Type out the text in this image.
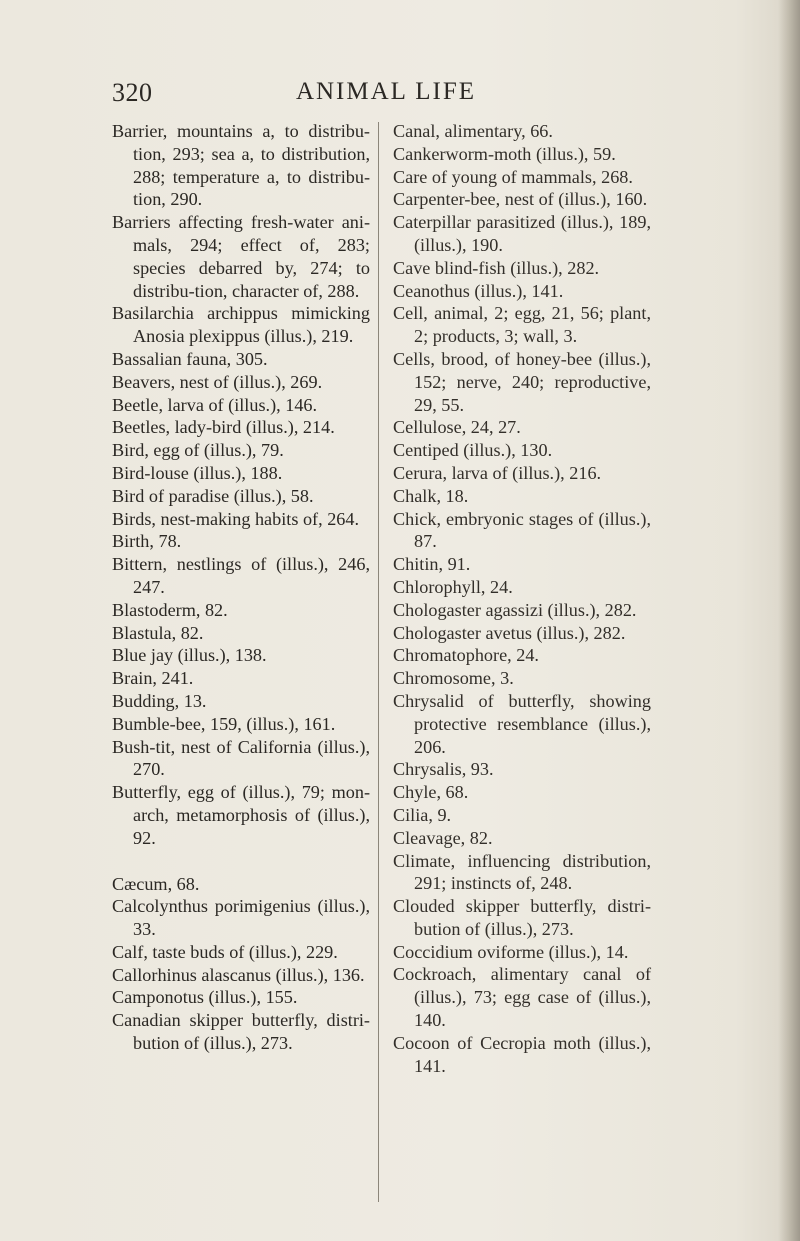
320	ANIMAL LIFE

Barrier, mountains a, to distribu-tion, 293; sea a, to distribution, 288; temperature a, to distribu-tion, 290.

Barriers affecting fresh-water ani-mals, 294; effect of, 283; species debarred by, 274; to distribu-tion, character of, 288.

Basilarchia archippus mimicking Anosia plexippus (illus.), 219.

Bassalian fauna, 305.

Beavers, nest of (illus.), 269.

Beetle, larva of (illus.), 146.

Beetles, lady-bird (illus.), 214.

Bird, egg of (illus.), 79.

Bird-louse (illus.), 188.

Bird of paradise (illus.), 58.

Birds, nest-making habits of, 264.

Birth, 78.

Bittern, nestlings of (illus.), 246, 247.

Blastoderm, 82.

Blastula, 82.

Blue jay (illus.), 138.

Brain, 241.

Budding, 13.

Bumble-bee, 159, (illus.), 161.

Bush-tit, nest of California (illus.), 270.

Butterfly, egg of (illus.), 79; mon-arch, metamorphosis of (illus.), 92.

Cæcum, 68.

Calcolynthus porimigenius (illus.), 33.

Calf, taste buds of (illus.), 229.

Callorhinus alascanus (illus.), 136.

Camponotus (illus.), 155.

Canadian skipper butterfly, distri-bution of (illus.), 273.

Canal, alimentary, 66.

Cankerworm-moth (illus.), 59.

Care of young of mammals, 268.

Carpenter-bee, nest of (illus.), 160.

Caterpillar parasitized (illus.), 189, (illus.), 190.

Cave blind-fish (illus.), 282.

Ceanothus (illus.), 141.

Cell, animal, 2; egg, 21, 56; plant, 2; products, 3; wall, 3.

Cells, brood, of honey-bee (illus.), 152; nerve, 240; reproductive, 29, 55.

Cellulose, 24, 27.

Centiped (illus.), 130.

Cerura, larva of (illus.), 216.

Chalk, 18.

Chick, embryonic stages of (illus.), 87.

Chitin, 91.

Chlorophyll, 24.

Chologaster agassizi (illus.), 282.

Chologaster avetus (illus.), 282.

Chromatophore, 24.

Chromosome, 3.

Chrysalid of butterfly, showing protective resemblance (illus.), 206.

Chrysalis, 93.

Chyle, 68.

Cilia, 9.

Cleavage, 82.

Climate, influencing distribution, 291; instincts of, 248.

Clouded skipper butterfly, distri-bution of (illus.), 273.

Coccidium oviforme (illus.), 14.

Cockroach, alimentary canal of (illus.), 73; egg case of (illus.), 140.

Cocoon of Cecropia moth (illus.), 141.
